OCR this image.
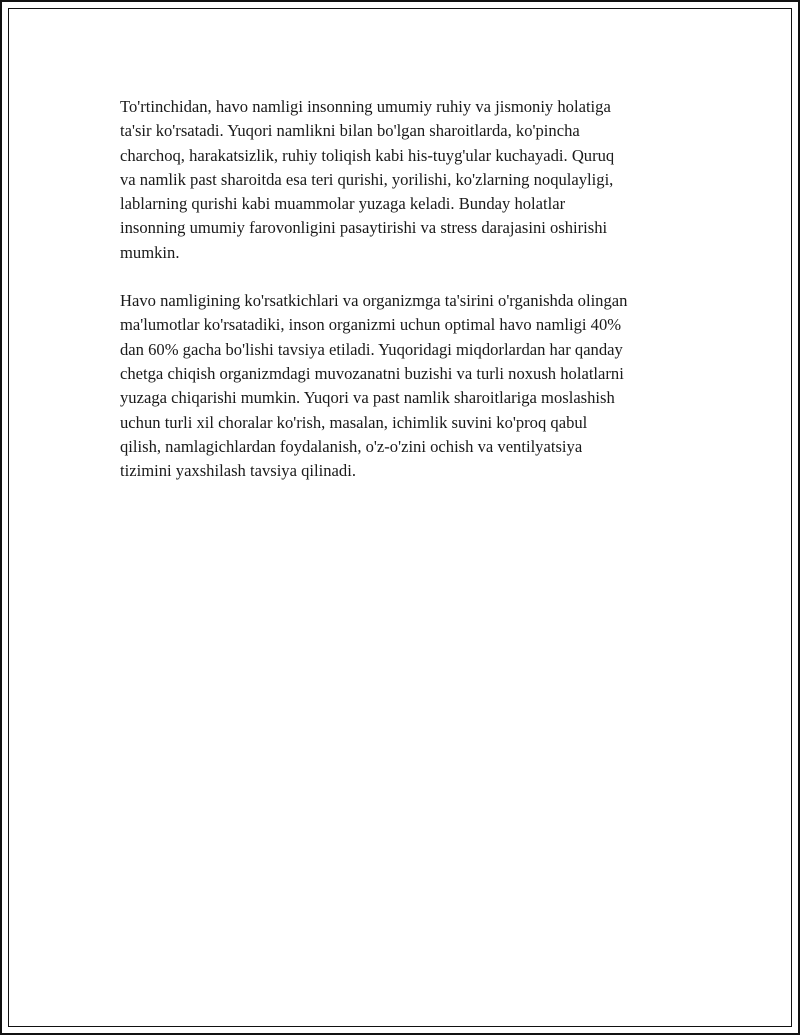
To'rtinchidan, havo namligi insonning umumiy ruhiy va jismoniy holatiga
ta'sir ko'rsatadi. Yuqori namlikni bilan bo'lgan sharoitlarda, ko'pincha
charchoq, harakatsizlik, ruhiy toliqish kabi his-tuyg'ular kuchayadi. Quruq
va namlik past sharoitda esa teri qurishi, yorilishi, ko'zlarning noqulayligi,
lablarning qurishi kabi muammolar yuzaga keladi. Bunday holatlar
insonning umumiy farovonligini pasaytirishi va stress darajasini oshirishi
mumkin.

Havo namligining ko'rsatkichlari va organizmga ta'sirini o'rganishda olingan
ma'lumotlar ko'rsatadiki, inson organizmi uchun optimal havo namligi 40%
dan 60% gacha bo'lishi tavsiya etiladi. Yuqoridagi miqdorlardan har qanday
chetga chiqish organizmdagi muvozanatni buzishi va turli noxush holatlarni
yuzaga chiqarishi mumkin. Yuqori va past namlik sharoitlariga moslashish
uchun turli xil choralar ko'rish, masalan, ichimlik suvini ko'proq qabul
qilish, namlagichlardan foydalanish, o'z-o'zini ochish va ventilyatsiya
tizimini yaxshilash tavsiya qilinadi.
